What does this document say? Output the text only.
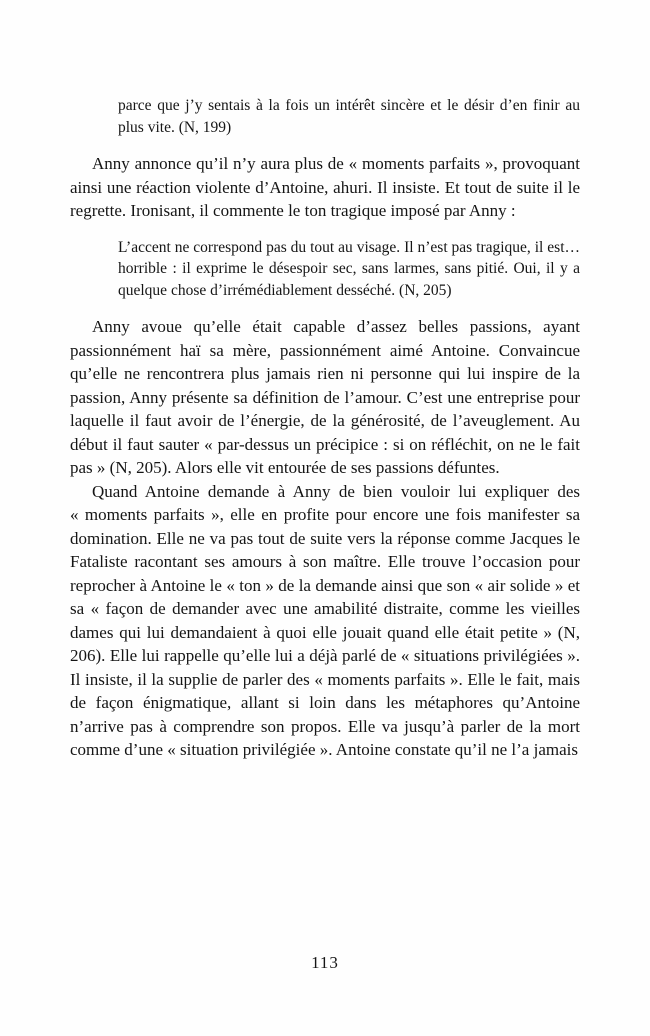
parce que j’y sentais à la fois un intérêt sincère et le désir d’en finir au plus vite. (N, 199)

Anny annonce qu’il n’y aura plus de « moments parfaits », provoquant ainsi une réaction violente d’Antoine, ahuri. Il insiste. Et tout de suite il le regrette. Ironisant, il commente le ton tragique imposé par Anny :

L’accent ne correspond pas du tout au visage. Il n’est pas tragique, il est… horrible : il exprime le désespoir sec, sans larmes, sans pitié. Oui, il y a quelque chose d’irrémédiablement desséché. (N, 205)

Anny avoue qu’elle était capable d’assez belles passions, ayant passionnément haï sa mère, passionnément aimé Antoine. Convaincue qu’elle ne rencontrera plus jamais rien ni personne qui lui inspire de la passion, Anny présente sa définition de l’amour. C’est une entreprise pour laquelle il faut avoir de l’énergie, de la générosité, de l’aveuglement. Au début il faut sauter « par-dessus un précipice : si on réfléchit, on ne le fait pas » (N, 205). Alors elle vit entourée de ses passions défuntes.

Quand Antoine demande à Anny de bien vouloir lui expliquer des « moments parfaits », elle en profite pour encore une fois manifester sa domination. Elle ne va pas tout de suite vers la réponse comme Jacques le Fataliste racontant ses amours à son maître. Elle trouve l’occasion pour reprocher à Antoine le « ton » de la demande ainsi que son « air solide » et sa « façon de demander avec une amabilité distraite, comme les vieilles dames qui lui demandaient à quoi elle jouait quand elle était petite » (N, 206). Elle lui rappelle qu’elle lui a déjà parlé de « situations privilégiées ». Il insiste, il la supplie de parler des « moments parfaits ». Elle le fait, mais de façon énigmatique, allant si loin dans les métaphores qu’Antoine n’arrive pas à comprendre son propos. Elle va jusqu’à parler de la mort comme d’une « situation privilégiée ». Antoine constate qu’il ne l’a jamais

113
